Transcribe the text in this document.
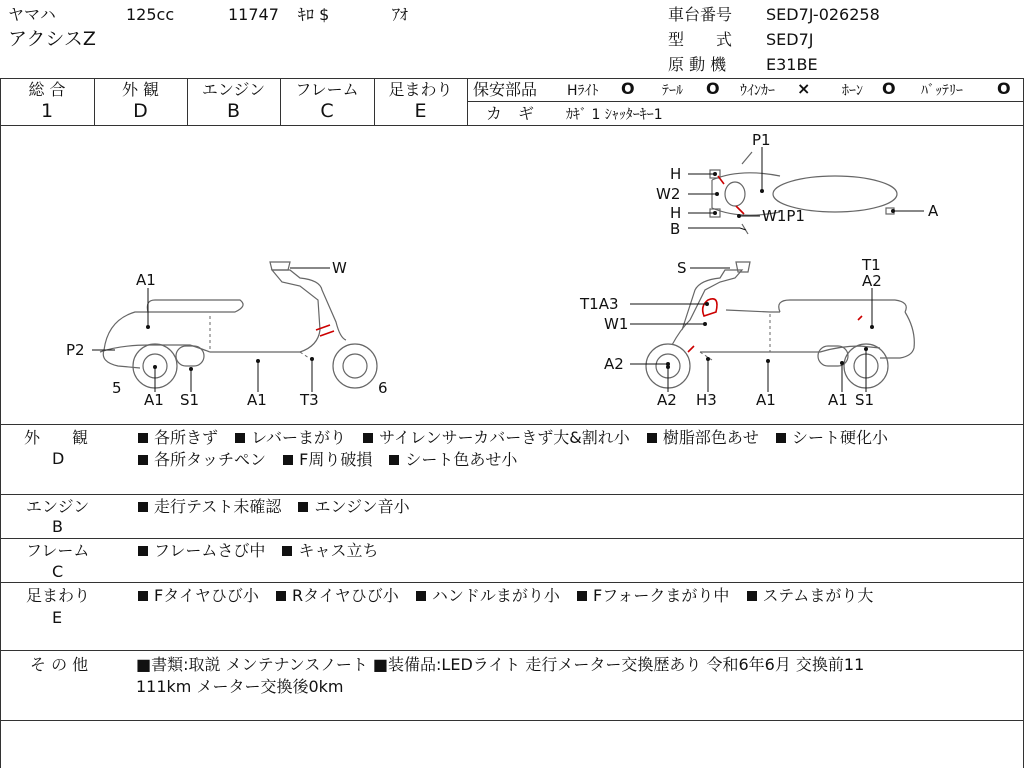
ヤマハ	125cc	11747 ｷﾛ $	ｱｵ
アクシスZ
車台番号 SED7J-026258
型　　式 SED7J
原 動 機 E31BE
総 合
1
外 観
D
エンジン
B
フレーム
C
足まわり
E
保安部品 Hﾗｲﾄ O ﾃｰﾙ O ｳｲﾝｶｰ × ﾎｰﾝ O ﾊﾞｯﾃﾘｰ O
カ　ギ ｶｷﾞ 1 ｼｬｯﾀｰｷｰ1
W
A1
P2
5
A1 S1	A1 T3
6
S	T1
A2
T1A3
W1
A2
A2 H3	A1	A1 S1
P1
H
W2
H	W1P1
B
A
外　　観
D
各所きず レバーまがり サイレンサーカバーきず大&割れ小 樹脂部色あせ シート硬化小
各所タッチペン F周り破損 シート色あせ小
エンジン
B
走行テスト未確認 エンジン音小
フレーム
C
フレームさび中 キャス立ち
足まわり
E
Fタイヤひび小 Rタイヤひび小 ハンドルまがり小 Fフォークまがり中 ステムまがり大
そ の 他	■書類:取説 メンテナンスノート ■装備品:LEDライト 走行メーター交換歴あり 令和6年6月 交換前11
111km メーター交換後0km
